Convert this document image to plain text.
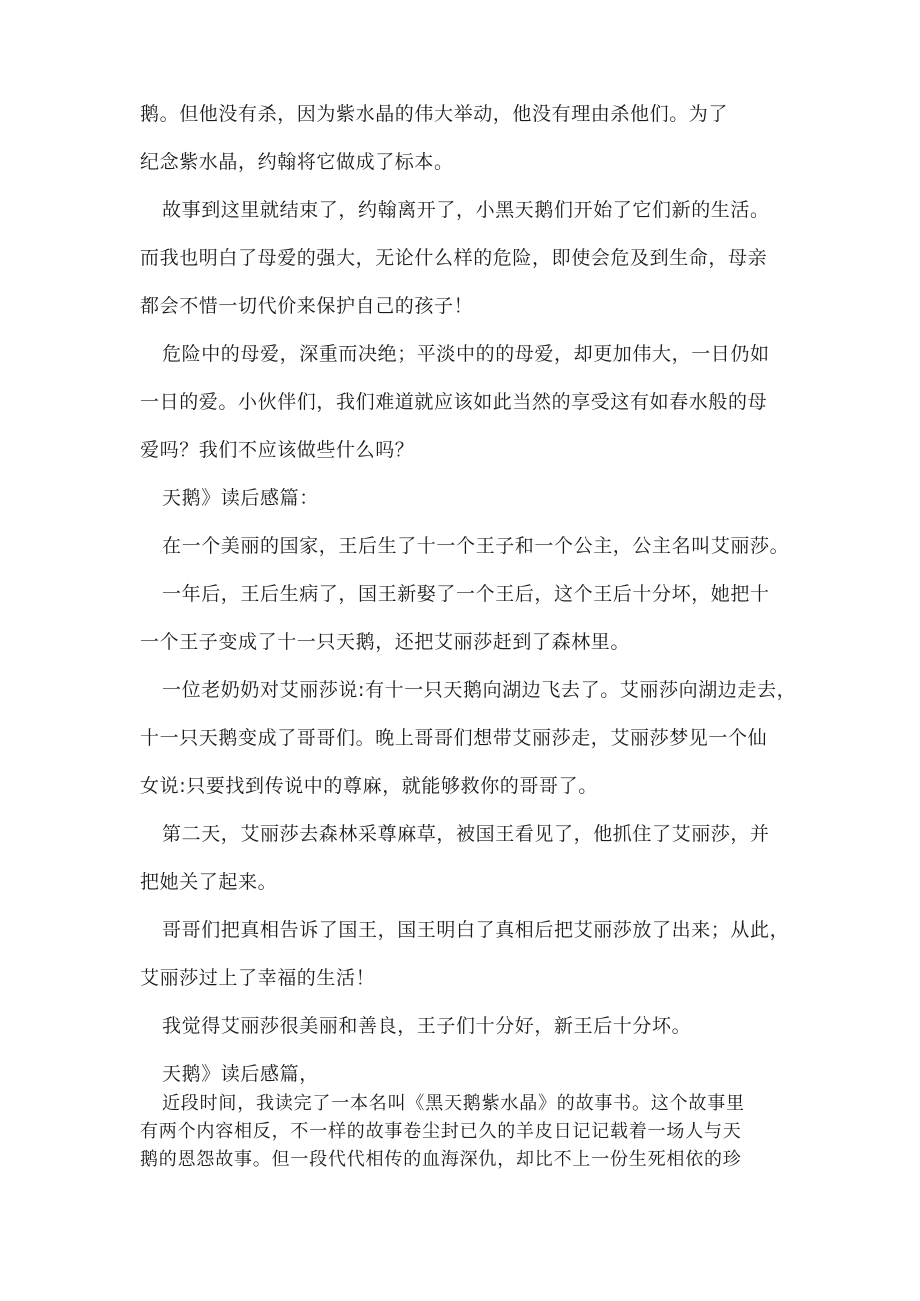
鹅。但他没有杀，因为紫水晶的伟大举动，他没有理由杀他们。为了
纪念紫水晶，约翰将它做成了标本。
故事到这里就结束了，约翰离开了，小黑天鹅们开始了它们新的生活。
而我也明白了母爱的强大，无论什么样的危险，即使会危及到生命，母亲
都会不惜一切代价来保护自己的孩子！
危险中的母爱，深重而决绝；平淡中的的母爱，却更加伟大，一日仍如
一日的爱。小伙伴们，我们难道就应该如此当然的享受这有如春水般的母
爱吗？我们不应该做些什么吗？
天鹅》读后感篇：
在一个美丽的国家，王后生了十一个王子和一个公主，公主名叫艾丽莎。
一年后，王后生病了，国王新娶了一个王后，这个王后十分坏，她把十
一个王子变成了十一只天鹅，还把艾丽莎赶到了森林里。
一位老奶奶对艾丽莎说:有十一只天鹅向湖边飞去了。艾丽莎向湖边走去，
十一只天鹅变成了哥哥们。晚上哥哥们想带艾丽莎走，艾丽莎梦见一个仙
女说:只要找到传说中的尊麻，就能够救你的哥哥了。
第二天，艾丽莎去森林采尊麻草，被国王看见了，他抓住了艾丽莎，并
把她关了起来。
哥哥们把真相告诉了国王，国王明白了真相后把艾丽莎放了出来；从此，
艾丽莎过上了幸福的生活！
我觉得艾丽莎很美丽和善良，王子们十分好，新王后十分坏。
天鹅》读后感篇，
近段时间，我读完了一本名叫《黑天鹅紫水晶》的故事书。这个故事里
有两个内容相反，不一样的故事卷尘封已久的羊皮日记记载着一场人与天
鹅的恩怨故事。但一段代代相传的血海深仇，却比不上一份生死相依的珍
